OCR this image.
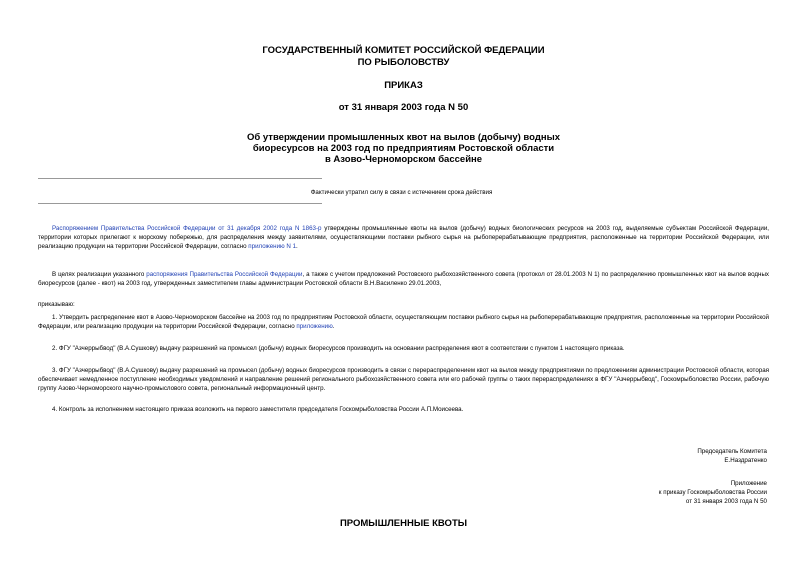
ГОСУДАРСТВЕННЫЙ КОМИТЕТ РОССИЙСКОЙ ФЕДЕРАЦИИ
ПО РЫБОЛОВСТВУ
ПРИКАЗ
от 31 января 2003 года N 50
Об утверждении промышленных квот на вылов (добычу) водных
биоресурсов на 2003 год по предприятиям Ростовской области
в Азово-Черноморском бассейне
Фактически утратил силу в связи с истечением срока действия
Распоряжением Правительства Российской Федерации от 31 декабря 2002 года N 1863-р утверждены промышленные квоты на вылов (добычу) водных биологических ресурсов на 2003 год, выделяемые субъектам Российской Федерации, территории которых прилегают к морскому побережью, для распределения между заявителями, осуществляющими поставки рыбного сырья на рыбоперерабатывающие предприятия, расположенные на территории Российской Федерации, или реализацию продукции на территории Российской Федерации, согласно приложению N 1.
В целях реализации указанного распоряжения Правительства Российской Федерации, а также с учетом предложений Ростовского рыбохозяйственного совета (протокол от 28.01.2003 N 1) по распределению промышленных квот на вылов водных биоресурсов (далее - квот) на 2003 год, утвержденных заместителем главы администрации Ростовской области В.Н.Василенко 29.01.2003,
приказываю:
1. Утвердить распределение квот в Азово-Черноморском бассейне на 2003 год по предприятиям Ростовской области, осуществляющим поставки рыбного сырья на рыбоперерабатывающие предприятия, расположенные на территории Российской Федерации, или реализацию продукции на территории Российской Федерации, согласно приложению.
2. ФГУ "Азчеррыбвод" (В.А.Сушкову) выдачу разрешений на промысел (добычу) водных биоресурсов производить на основании распределения квот в соответствии с пунктом 1 настоящего приказа.
3. ФГУ "Азчеррыбвод" (В.А.Сушкову) выдачу разрешений на промысел (добычу) водных биоресурсов производить в связи с перераспределением квот на вылов между предприятиями по предложениям администрации Ростовской области, которая обеспечивает немедленное поступление необходимых уведомлений и направление решений регионального рыбохозяйственного совета или его рабочей группы о таких перераспределениях в ФГУ "Азчеррыбвод", Госкомрыболовство России, рабочую группу Азово-Черноморского научно-промыслового совета, региональный информационный центр.
4. Контроль за исполнением настоящего приказа возложить на первого заместителя председателя Госкомрыболовства России А.П.Моисеева.
Председатель Комитета
Е.Наздратенко
Приложение
к приказу Госкомрыболовства России
от 31 января 2003 года N 50
ПРОМЫШЛЕННЫЕ КВОТЫ
